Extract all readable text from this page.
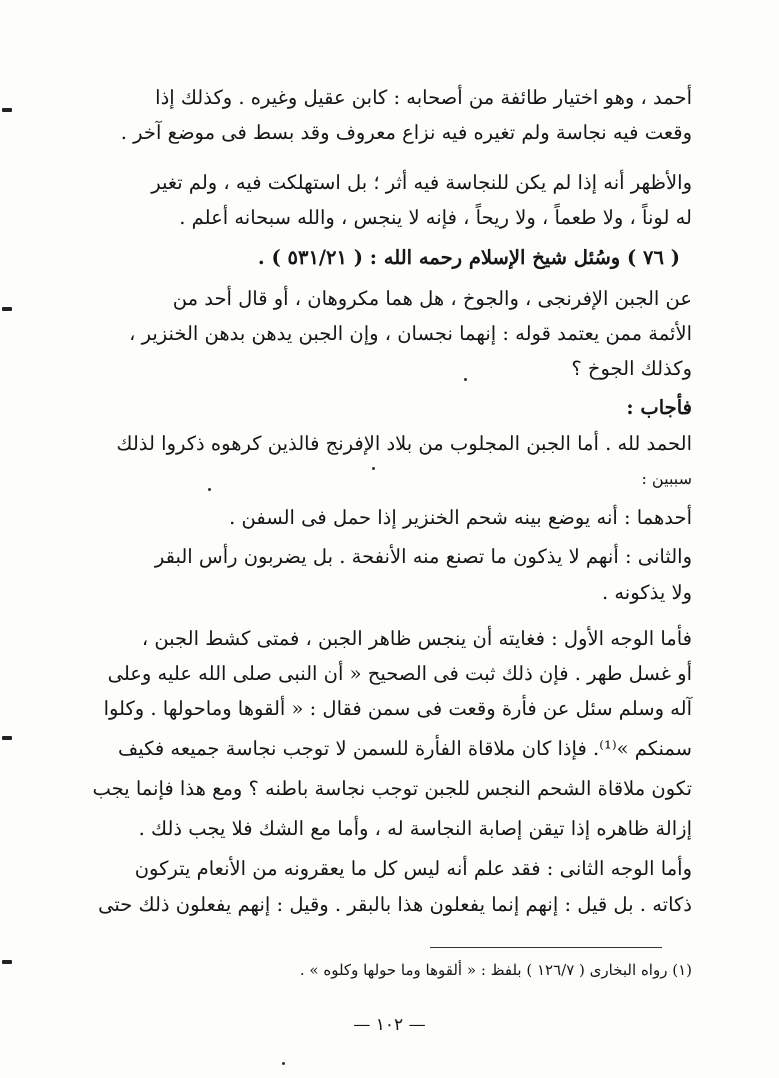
أحمد ، وهو اختيار طائفة من أصحابه : كابن عقيل وغيره . وكذلك إذا
وقعت فيه نجاسة ولم تغيره فيه نزاع معروف وقد بسط فى موضع آخر .
والأظهر أنه إذا لم يكن للنجاسة فيه أثر ؛ بل استهلكت فيه ، ولم تغير
له لوناً ، ولا طعماً ، ولا ريحاً ، فإنه لا ينجس ، والله سبحانه أعلم .
( ٧٦ ) وسُئل شيخ الإسلام رحمه الله : ( ٥٣١/٢١ ) .
عن الجبن الإفرنجى ، والجوخ ، هل هما مكروهان ، أو قال أحد من
الأئمة ممن يعتمد قوله : إنهما نجسان ، وإن الجبن يدهن بدهن الخنزير ،
وكذلك الجوخ ؟
فأجاب :
الحمد لله . أما الجبن المجلوب من بلاد الإفرنج فالذين كرهوه ذكروا لذلك
سببين :
أحدهما : أنه يوضع بينه شحم الخنزير إذا حمل فى السفن .
والثانى : أنهم لا يذكون ما تصنع منه الأنفحة . بل يضربون رأس البقر
ولا يذكونه .
فأما الوجه الأول : فغايته أن ينجس ظاهر الجبن ، فمتى كشط الجبن ،
أو غسل طهر . فإن ذلك ثبت فى الصحيح « أن النبى صلى الله عليه وعلى
آله وسلم سئل عن فأرة وقعت فى سمن فقال : « ألقوها وماحولها . وكلوا
سمنكم »⁽¹⁾. فإذا كان ملاقاة الفأرة للسمن لا توجب نجاسة جميعه فكيف
تكون ملاقاة الشحم النجس للجبن توجب نجاسة باطنه ؟ ومع هذا فإنما يجب
إزالة ظاهره إذا تيقن إصابة النجاسة له ، وأما مع الشك فلا يجب ذلك .
وأما الوجه الثانى : فقد علم أنه ليس كل ما يعقرونه من الأنعام يتركون
ذكاته . بل قيل : إنهم إنما يفعلون هذا بالبقر . وقيل : إنهم يفعلون ذلك حتى
(١) رواه البخارى ( ١٢٦/٧ ) بلفظ : « ألقوها وما حولها وكلوه » .
— ١٠٢ —
